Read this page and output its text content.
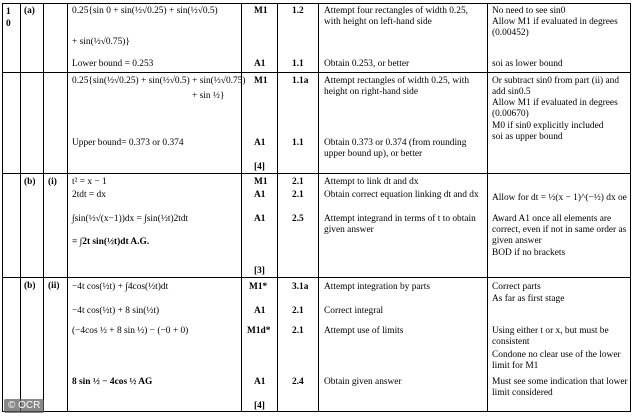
1
0
(a)	0.25{sin 0 + sin(½√0.25) + sin(½√0.5)
+ sin(½√0.75)}
Lower bound = 0.253
M1
A1
1.2
1.1
Attempt four rectangles of width 0.25, with height on left-hand side
Obtain 0.253, or better
No need to see sin0
Allow M1 if evaluated in degrees (0.00452)
soi as lower bound
0.25{sin(½√0.25) + sin(½√0.5) + sin(½√0.75)
+ sin ½}
Upper bound= 0.373 or 0.374
M1
A1
1.1a
1.1
[4]
Attempt rectangles of width 0.25, with height on right-hand side
Obtain 0.373 or 0.374 (from rounding upper bound up), or better
Or subtract sin0 from part (ii) and add sin0.5
Allow M1 if evaluated in degrees (0.00670)
M0 if sin0 explicitly included
soi as upper bound
(b) (i) t² = x − 1
2tdt = dx
∫sin(½√(x−1))dx = ∫sin(½t)2tdt
= ∫2t sin(½t)dt A.G.
M1
A1
A1
[3]
2.1
2.1
2.5
Attempt to link dt and dx
Obtain correct equation linking dt and dx
Attempt integrand in terms of t to obtain given answer
Allow for dt = ½(x − 1)^(−½) dx oe
Award A1 once all elements are correct, even if not in same order as given answer
BOD if no brackets
(b) (ii) −4t cos(½t) + ∫4cos(½t)dt
−4t cos(½t) + 8 sin(½t)
(−4cos ½ + 8 sin ½) − (−0 + 0)
8 sin ½ − 4cos ½ AG
M1*
A1
M1d*
A1
[4]
3.1a
2.1
2.1
2.4
Attempt integration by parts
Correct integral
Attempt use of limits
Obtain given answer
Correct parts
As far as first stage
Using either t or x, but must be consistent
Condone no clear use of the lower limit for M1
Must see some indication that lower limit considered
© OCR
